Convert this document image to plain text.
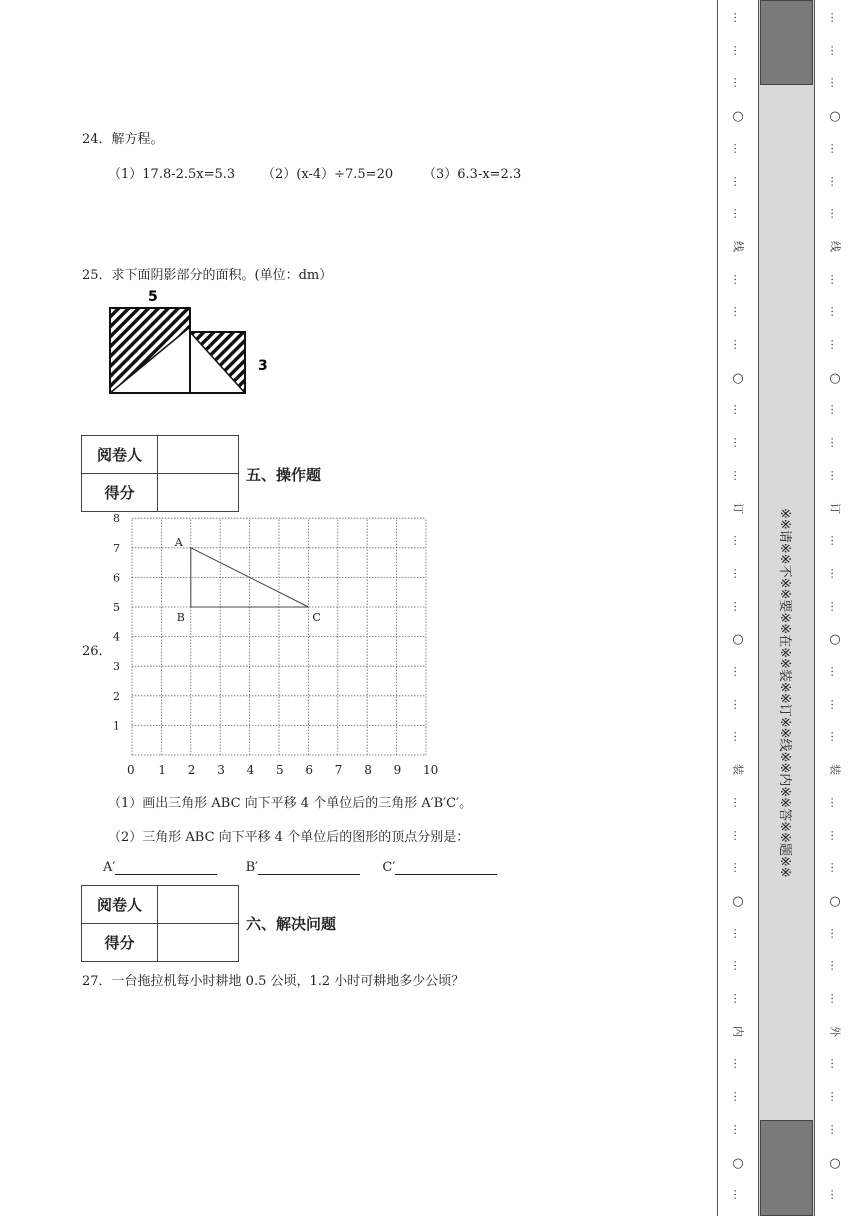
24．解方程。
（1）17.8-2.5x=5.3 （2）(x-4）÷7.5=20 （3）6.3-x=2.3
25．求下面阴影部分的面积。(单位：dm）
5
3
阅卷人	
得分	
五、操作题
26．
0 1 2 3 4 5 6 7 8 9 10
1
2
3
4
5
6
7
8
A
B	C
（1）画出三角形 ABC 向下平移 4 个单位后的三角形 A′B′C′。
（2）三角形 ABC 向下平移 4 个单位后的图形的顶点分别是：
A′	B′	C′
阅卷人	
得分	
六、解决问题
27．一台拖拉机每小时耕地 0.5 公顷，1.2 小时可耕地多少公顷？
…
…
…
○
…
…
…
线
…
…
…
○
…
…
…
订
…
…
…
○
…
…
…
装
…
…
…
○
…
…
…
内
…
…
…
○
…
※※请※※不※※要※※在※※装※※订※※线※※内※※答※※题※※
…
…
…
○
…
…
…
线
…
…
…
○
…
…
…
订
…
…
…
○
…
…
…
装
…
…
…
○
…
…
…
外
…
…
…
○
…
